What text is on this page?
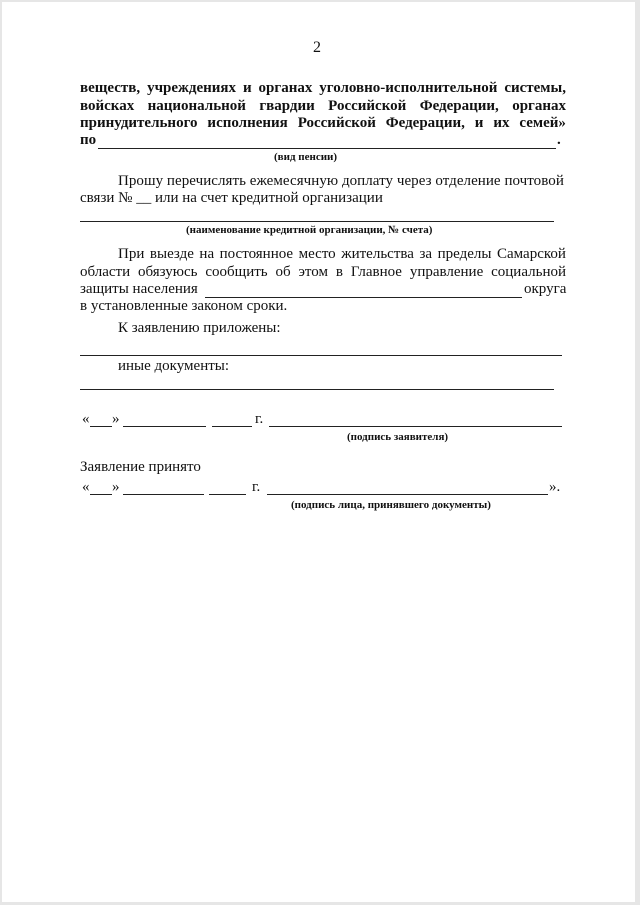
2
веществ, учреждениях и органах уголовно-исполнительной системы,
войсках национальной гвардии Российской Федерации, органах
принудительного исполнения Российской Федерации, и их семей»
по	.
(вид пенсии)
Прошу перечислять ежемесячную доплату через отделение почтовой
связи № __ или на счет кредитной организации
(наименование кредитной организации, № счета)
При выезде на постоянное место жительства за пределы Самарской
области обязуюсь сообщить об этом в Главное управление социальной
защиты населения	округа
в установленные законом сроки.
К заявлению приложены:
иные документы:
« »	г.
(подпись заявителя)
Заявление принято
« »	г.	».
(подпись лица, принявшего документы)
